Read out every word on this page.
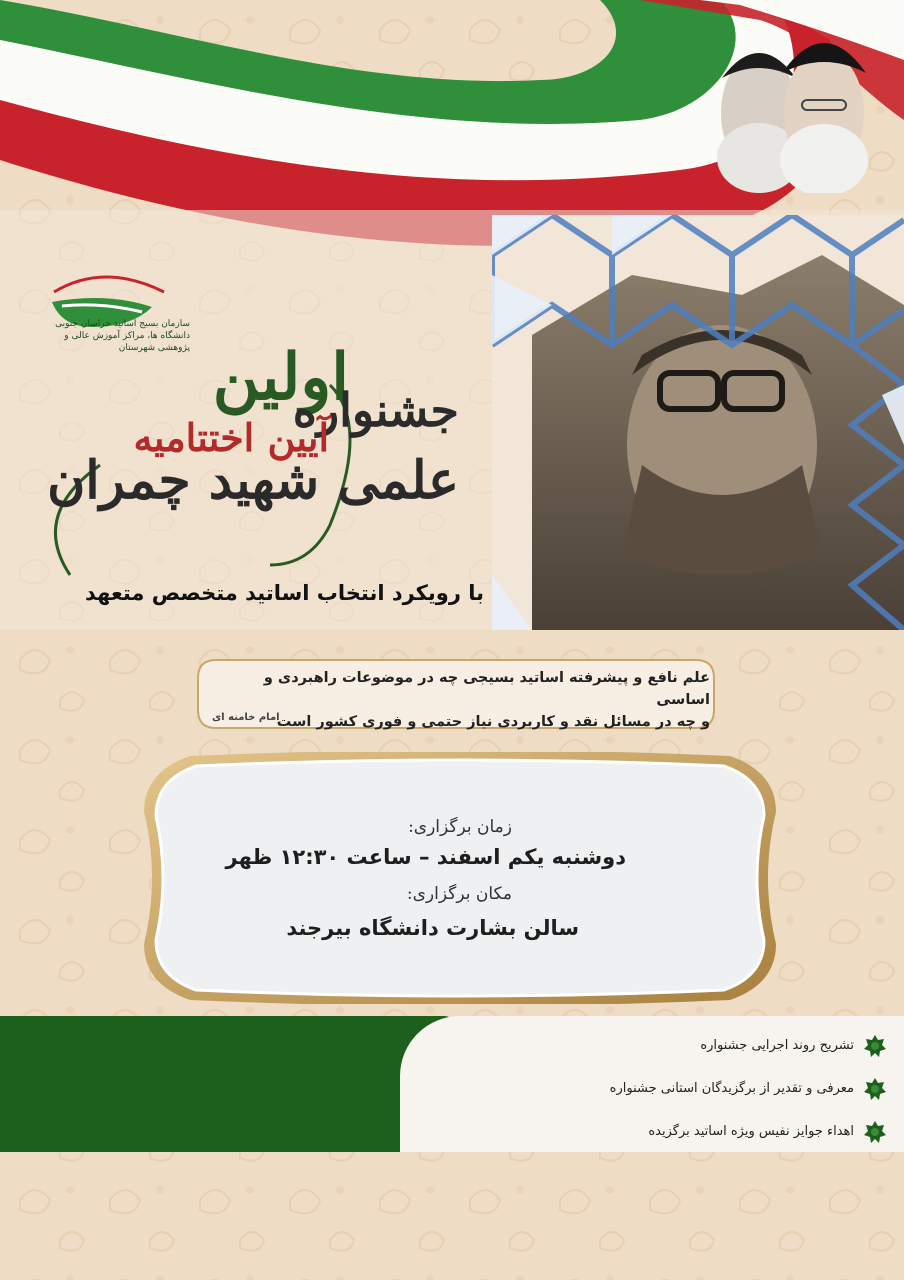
سازمان بسیج اساتید خراسان جنوبی
دانشگاه ها، مراکز آموزش عالی و پژوهشی شهرستان اولین
جشنواره
آیین اختتامیه
علمی شهید چمران
با رویکرد انتخاب اساتید متخصص متعهد
علم نافع و پیشرفته اساتید بسیجی چه در موضوعات راهبردی و اساسی
و چه در مسائل نقد و کاربردی نیاز حتمی و فوری کشور است
امام خامنه ای
زمان برگزاری:
دوشنبه یکم اسفند – ساعت ۱۲:۳۰ ظهر
مکان برگزاری:
سالن بشارت دانشگاه بیرجند
تشریح روند اجرایی جشنواره
معرفی و تقدیر از برگزیدگان استانی جشنواره
اهداء جوایز نفیس ویژه اساتید برگزیده
